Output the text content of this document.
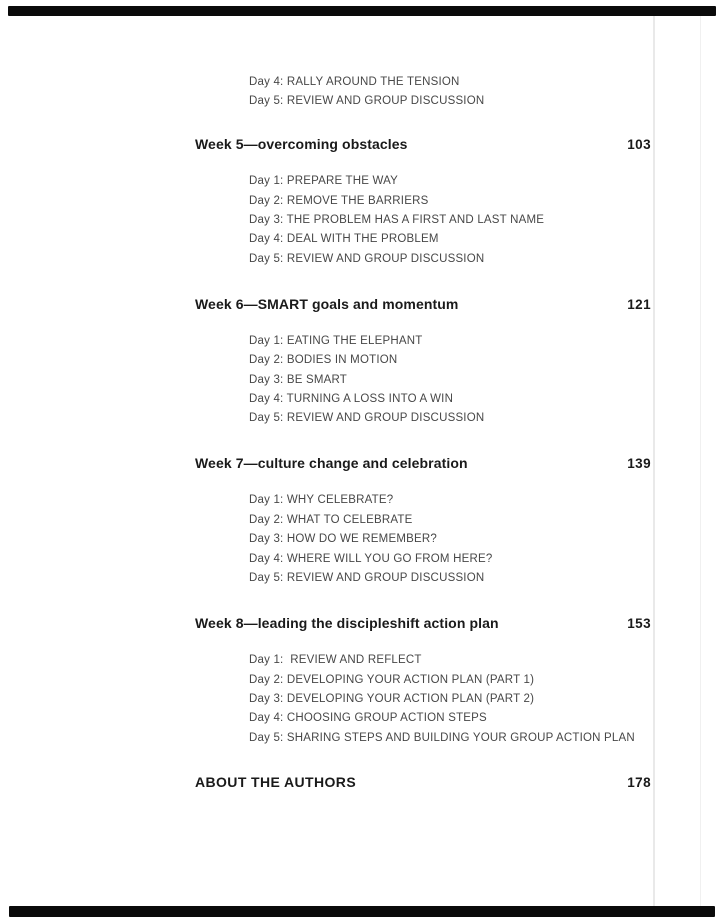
Day 4: RALLY AROUND THE TENSION
Day 5: REVIEW AND GROUP DISCUSSION
Week 5—overcoming obstacles	103
Day 1: PREPARE THE WAY
Day 2: REMOVE THE BARRIERS
Day 3: THE PROBLEM HAS A FIRST AND LAST NAME
Day 4: DEAL WITH THE PROBLEM
Day 5: REVIEW AND GROUP DISCUSSION
Week 6—SMART goals and momentum	121
Day 1: EATING THE ELEPHANT
Day 2: BODIES IN MOTION
Day 3: BE SMART
Day 4: TURNING A LOSS INTO A WIN
Day 5: REVIEW AND GROUP DISCUSSION
Week 7—culture change and celebration	139
Day 1: WHY CELEBRATE?
Day 2: WHAT TO CELEBRATE
Day 3: HOW DO WE REMEMBER?
Day 4: WHERE WILL YOU GO FROM HERE?
Day 5: REVIEW AND GROUP DISCUSSION
Week 8—leading the discipleshift action plan	153
Day 1:  REVIEW AND REFLECT
Day 2: DEVELOPING YOUR ACTION PLAN (PART 1)
Day 3: DEVELOPING YOUR ACTION PLAN (PART 2)
Day 4: CHOOSING GROUP ACTION STEPS
Day 5: SHARING STEPS AND BUILDING YOUR GROUP ACTION PLAN
ABOUT THE AUTHORS	178
